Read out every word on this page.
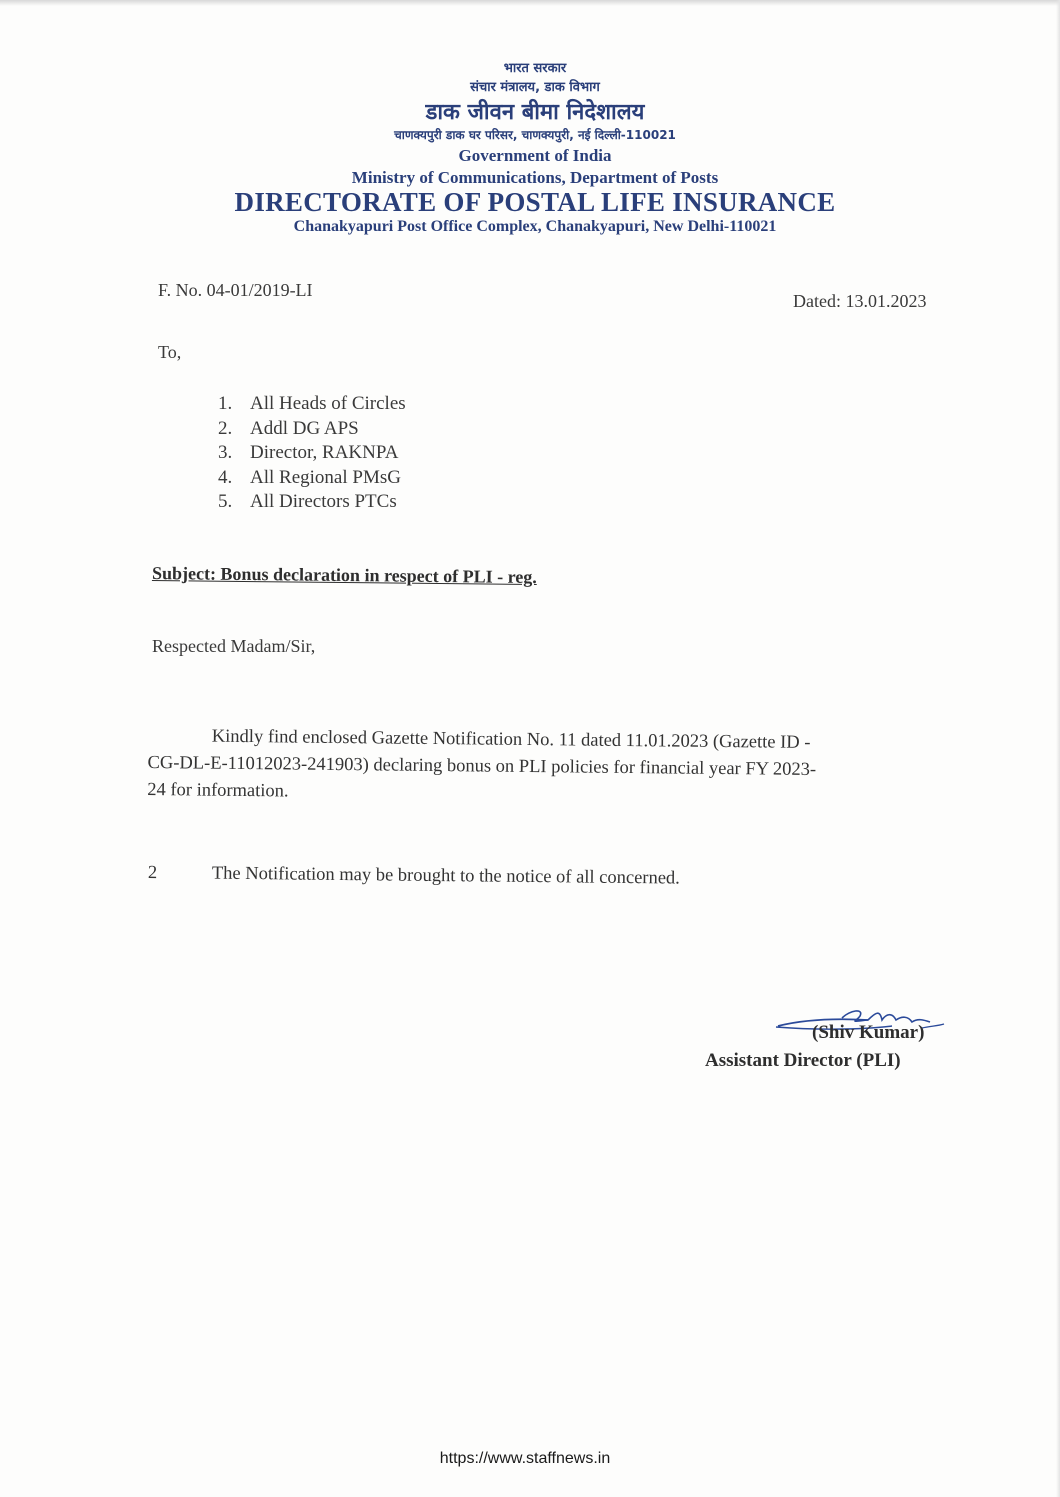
भारत सरकार
संचार मंत्रालय, डाक विभाग
डाक जीवन बीमा निदेशालय
चाणक्यपुरी डाक घर परिसर, चाणक्यपुरी, नई दिल्ली-110021
Government of India
Ministry of Communications, Department of Posts
DIRECTORATE OF POSTAL LIFE INSURANCE
Chanakyapuri Post Office Complex, Chanakyapuri, New Delhi-110021
F. No. 04-01/2019-LI
Dated: 13.01.2023
To,
1. All Heads of Circles
2. Addl DG APS
3. Director, RAKNPA
4. All Regional PMsG
5. All Directors PTCs
Subject: Bonus declaration in respect of PLI - reg.
Respected Madam/Sir,
Kindly find enclosed Gazette Notification No. 11 dated 11.01.2023 (Gazette ID -
CG-DL-E-11012023-241903) declaring bonus on PLI policies for financial year FY 2023-
24 for information.
2	The Notification may be brought to the notice of all concerned.
(Shiv Kumar)
Assistant Director (PLI)
https://www.staffnews.in
